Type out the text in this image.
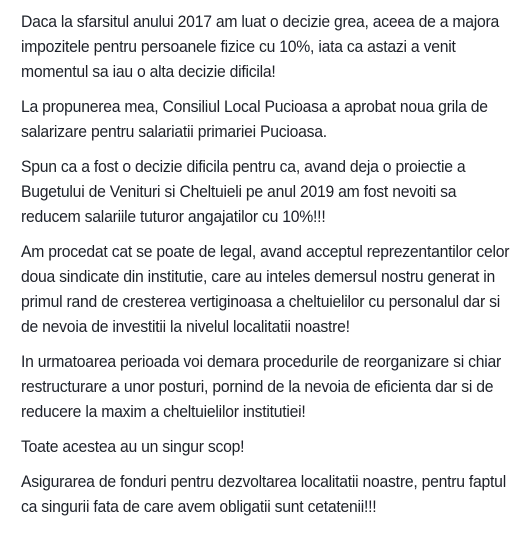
Daca la sfarsitul anului 2017 am luat o decizie grea, aceea de a majora impozitele pentru persoanele fizice cu 10%, iata ca astazi a venit momentul sa iau o alta decizie dificila!

La propunerea mea, Consiliul Local Pucioasa a aprobat noua grila de salarizare pentru salariatii primariei Pucioasa.

Spun ca a fost o decizie dificila pentru ca, avand deja o proiectie a Bugetului de Venituri si Cheltuieli pe anul 2019 am fost nevoiti sa reducem salariile tuturor angajatilor cu 10%!!!

Am procedat cat se poate de legal, avand acceptul reprezentantilor celor doua sindicate din institutie, care au inteles demersul nostru generat in primul rand de cresterea vertiginoasa a cheltuielilor cu personalul dar si de nevoia de investitii la nivelul localitatii noastre!

In urmatoarea perioada voi demara procedurile de reorganizare si chiar restructurare a unor posturi, pornind de la nevoia de eficienta dar si de reducere la maxim a cheltuielilor institutiei!

Toate acestea au un singur scop!

Asigurarea de fonduri pentru dezvoltarea localitatii noastre, pentru faptul ca singurii fata de care avem obligatii sunt cetatenii!!!
